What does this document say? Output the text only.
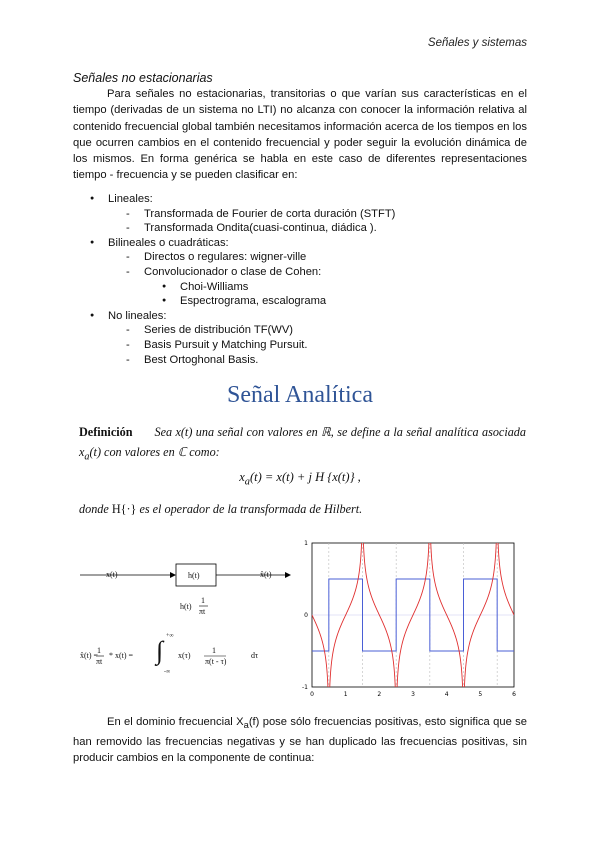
Señales y sistemas
Señales no estacionarias
Para señales no estacionarias, transitorias o que varían sus características en el tiempo (derivadas de un sistema no LTI) no alcanza con conocer la información relativa al contenido frecuencial global también necesitamos información acerca de los tiempos en los que ocurren cambios en el contenido frecuencial y poder seguir la evolución dinámica de los mismos. En forma genérica se habla en este caso de diferentes representaciones tiempo - frecuencia y se pueden clasificar en:
● Lineales:
- Transformada de Fourier de corta duración (STFT)
- Transformada Ondita(cuasi-continua, diádica ).
● Bilineales o cuadráticas:
- Directos o regulares: wigner-ville
- Convolucionador o clase de Cohen:
● Choi-Williams
● Espectrograma, escalograma
● No lineales:
- Series de distribución TF(WV)
- Basis Pursuit y Matching Pursuit.
- Best Ortoghonal Basis.
Señal Analítica
Definición Sea x(t) una señal con valores en ℝ, se define a la señal analítica asociada $x_a(t)$ con valores en ℂ como:
$x_a(t) = x(t) + j$ H {x(t)} ,
donde H{·} es el operador de la transformada de Hilbert.
x(t)	h(t)	x̂(t)
h(t)
1
πt
x̂(t) =
1
πt
* x(t) = ∫ +∞
-∞
x(τ)
1
π(t - τ)
dτ
0	1	2	3	4	5	6
1
0
-1
En el dominio frecuencial $X_a(f)$ pose sólo frecuencias positivas, esto significa que se han removido las frecuencias negativas y se han duplicado las frecuencias positivas, sin producir cambios en la componente de continua:
